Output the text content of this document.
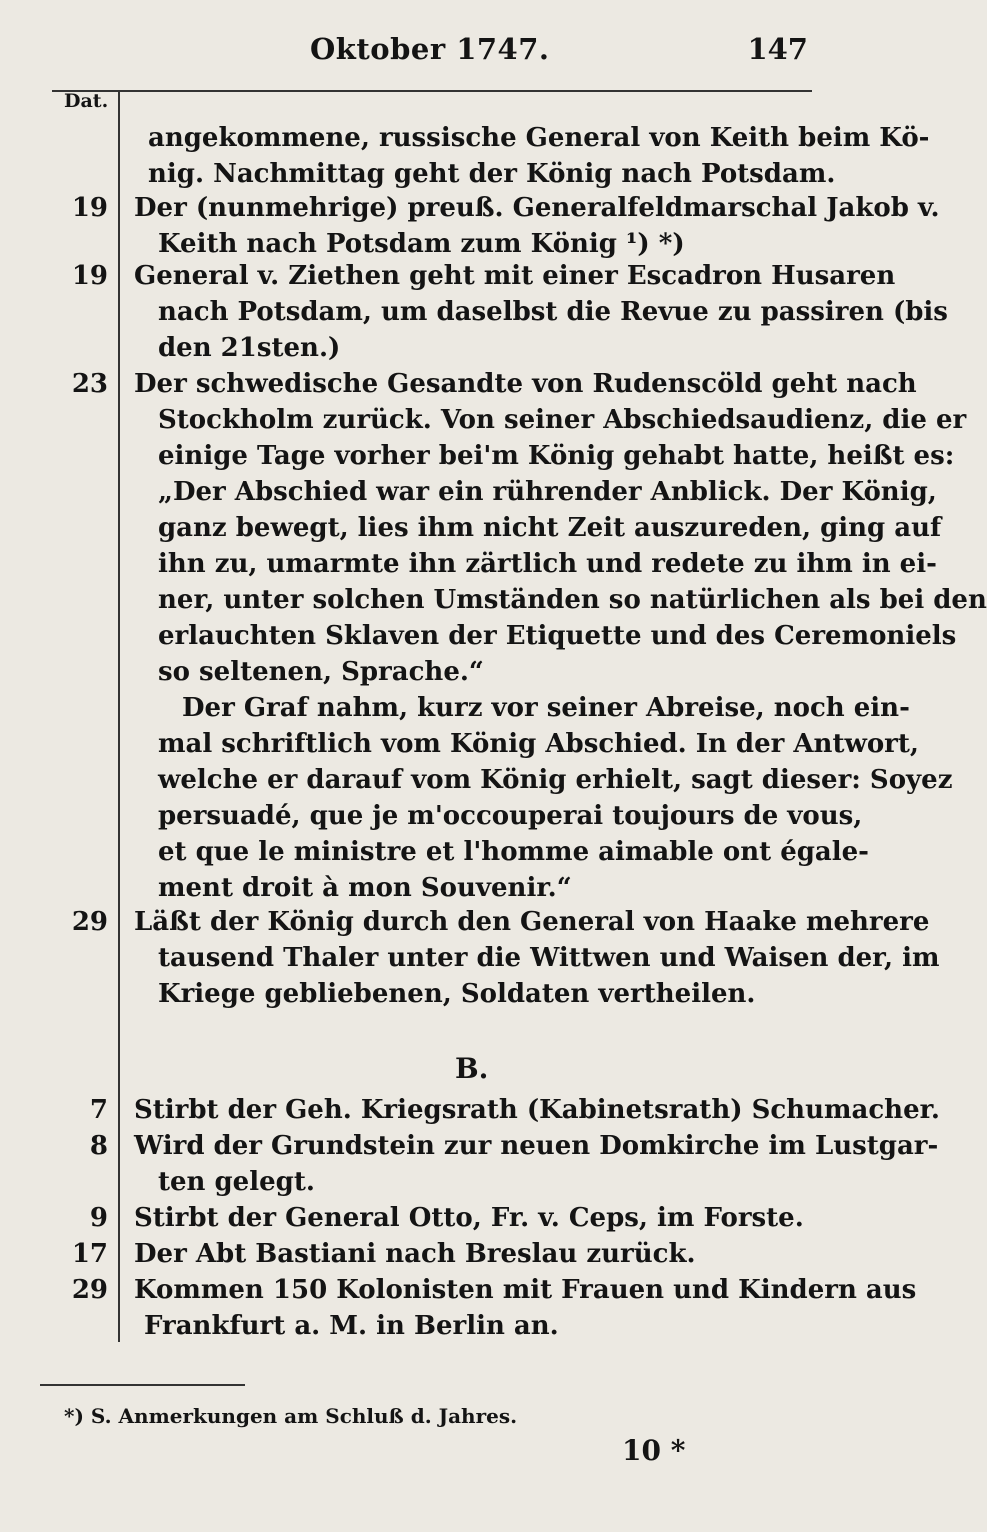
Oktober 1747.	147
Dat.
angekommene, russische General von Keith beim Kö-
nig. Nachmittag geht der König nach Potsdam.
19 Der (nunmehrige) preuß. Generalfeldmarschal Jakob v.
Keith nach Potsdam zum König ¹) *)
19 General v. Ziethen geht mit einer Escadron Husaren
nach Potsdam, um daselbst die Revue zu passiren (bis
den 21sten.)
23 Der schwedische Gesandte von Rudenscöld geht nach
Stockholm zurück. Von seiner Abschiedsaudienz, die er
einige Tage vorher bei'm König gehabt hatte, heißt es:
„Der Abschied war ein rührender Anblick. Der König,
ganz bewegt, lies ihm nicht Zeit auszureden, ging auf
ihn zu, umarmte ihn zärtlich und redete zu ihm in ei-
ner, unter solchen Umständen so natürlichen als bei den
erlauchten Sklaven der Etiquette und des Ceremoniels
so seltenen, Sprache.“
Der Graf nahm, kurz vor seiner Abreise, noch ein-
mal schriftlich vom König Abschied. In der Antwort,
welche er darauf vom König erhielt, sagt dieser: Soyez
persuadé, que je m'occouperai toujours de vous,
et que le ministre et l'homme aimable ont égale-
ment droit à mon Souvenir.“
29 Läßt der König durch den General von Haake mehrere
tausend Thaler unter die Wittwen und Waisen der, im
Kriege gebliebenen, Soldaten vertheilen.
B.
7 Stirbt der Geh. Kriegsrath (Kabinetsrath) Schumacher.
8 Wird der Grundstein zur neuen Domkirche im Lustgar-
ten gelegt.
9 Stirbt der General Otto, Fr. v. Ceps, im Forste.
17 Der Abt Bastiani nach Breslau zurück.
29 Kommen 150 Kolonisten mit Frauen und Kindern aus
Frankfurt a. M. in Berlin an.
*) S. Anmerkungen am Schluß d. Jahres.
10 *
